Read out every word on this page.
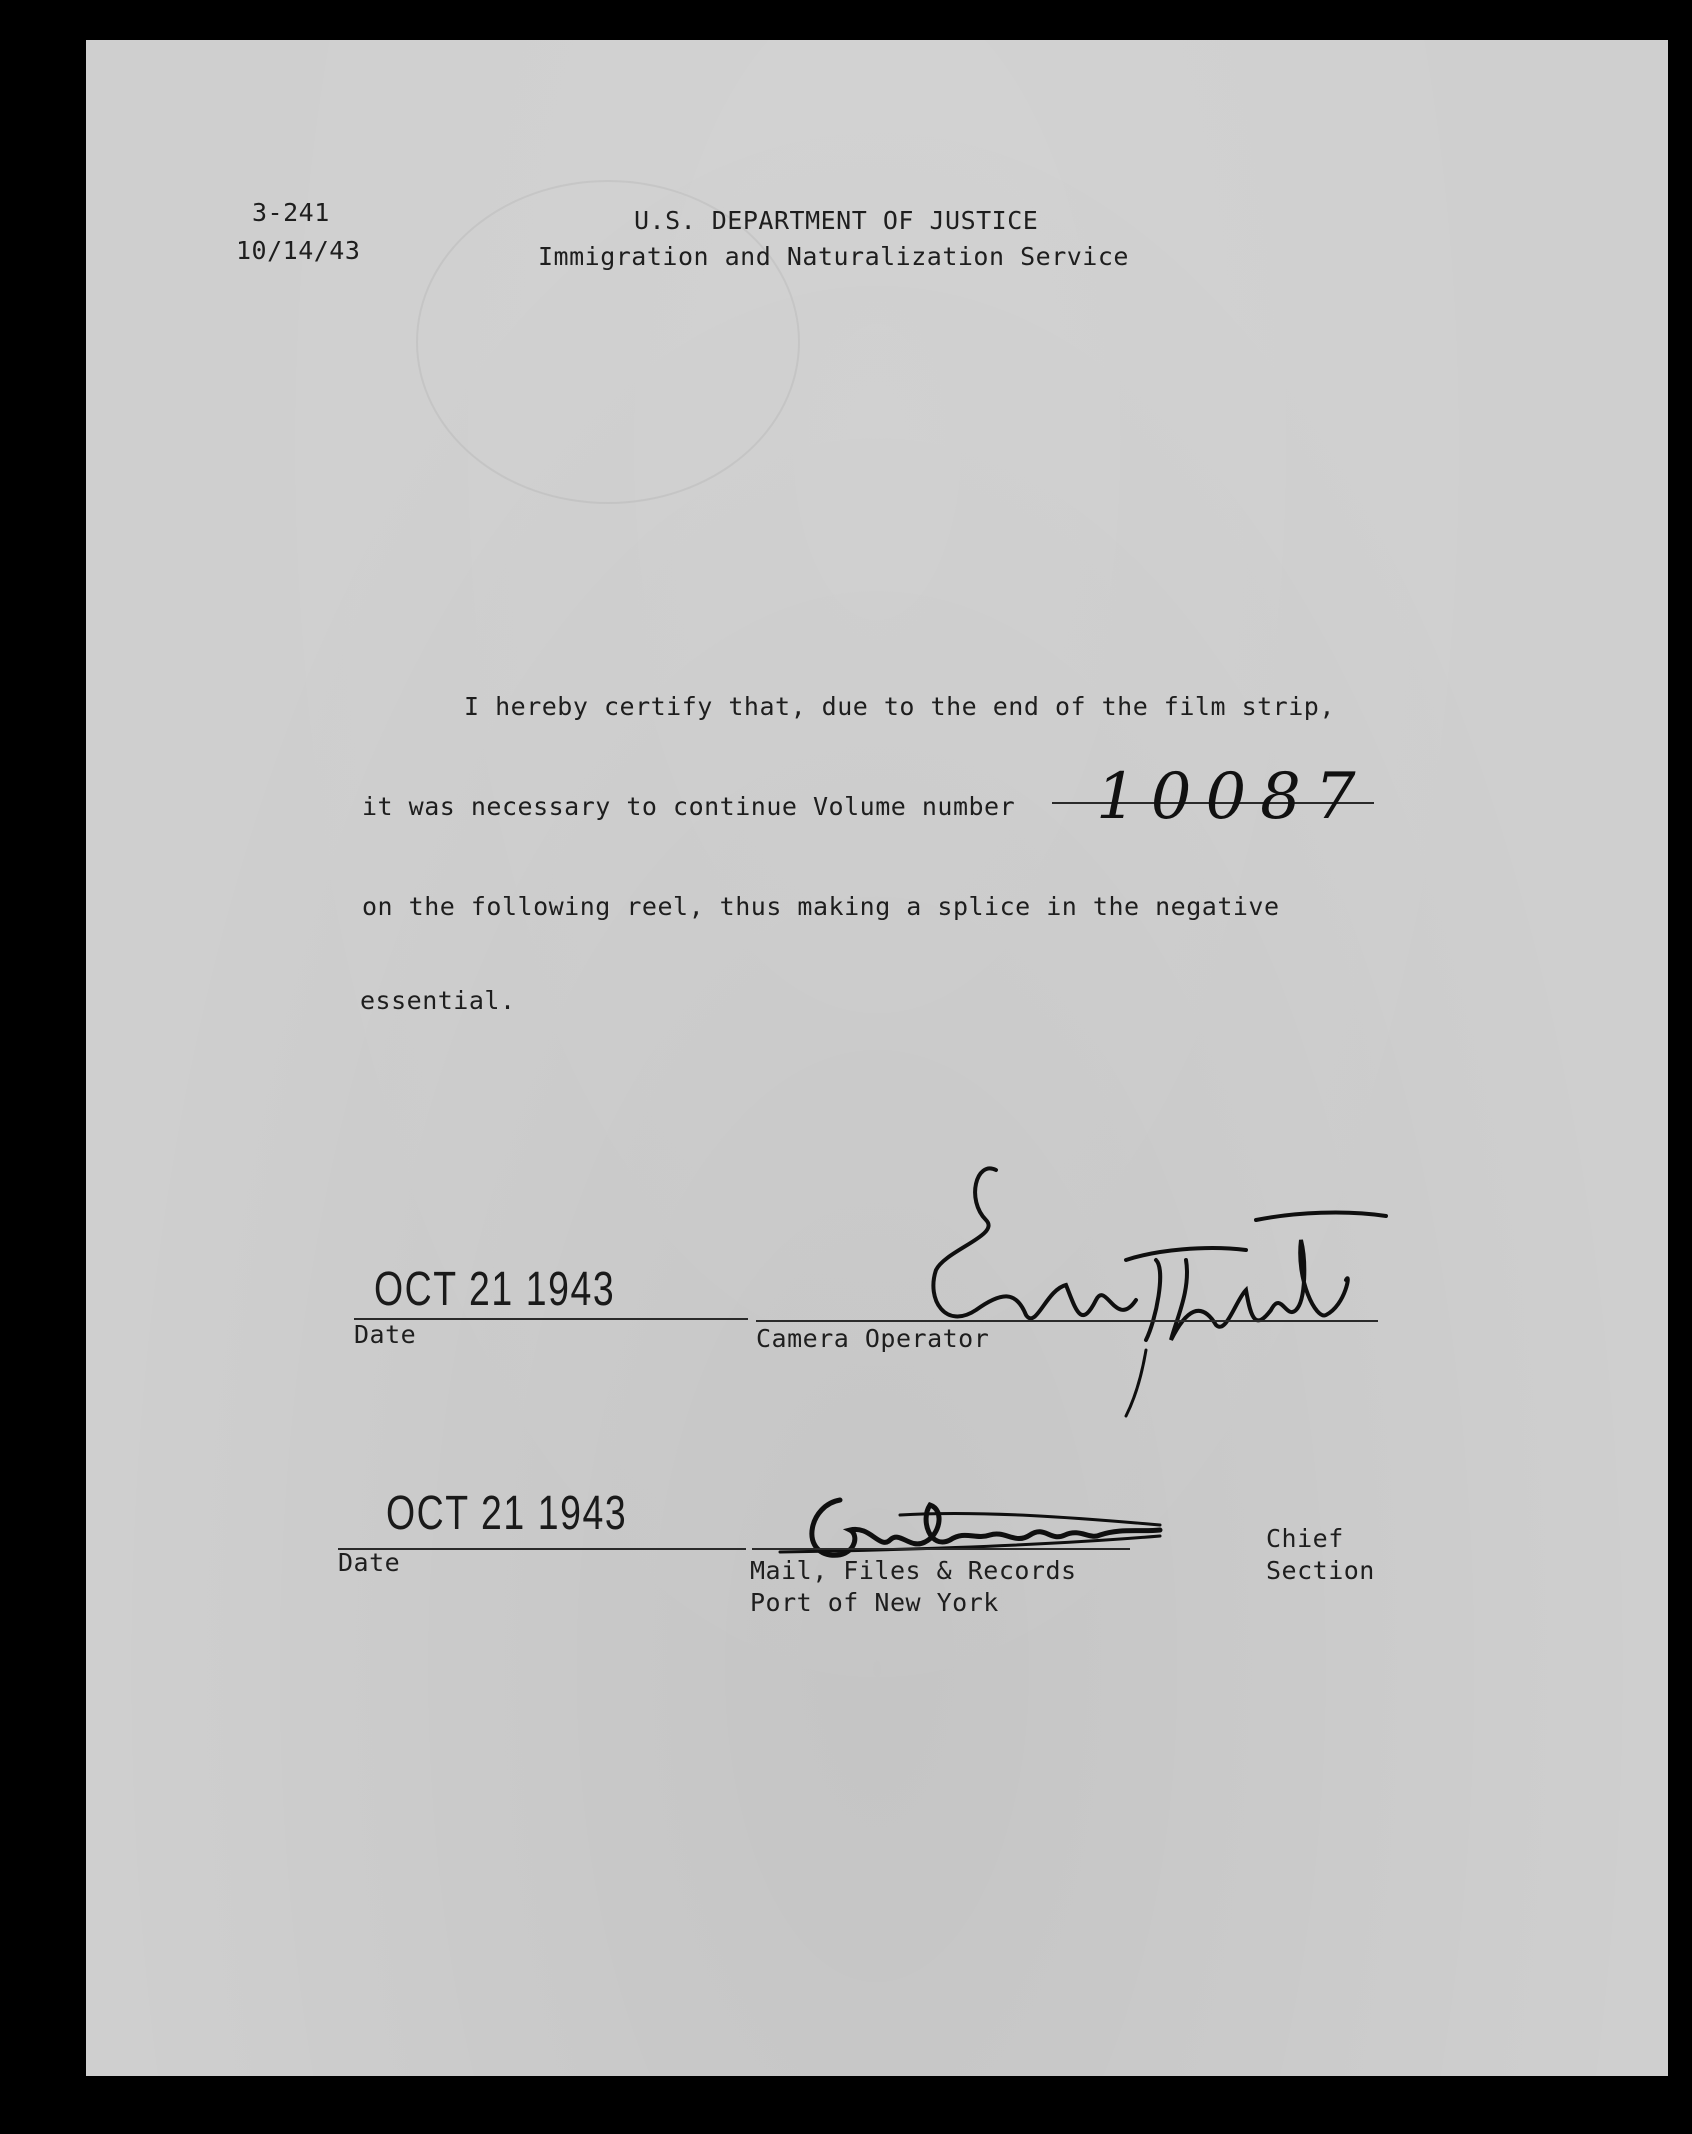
3-241
10/14/43
U.S. DEPARTMENT OF JUSTICE
Immigration and Naturalization Service
I hereby certify that, due to the end of the film strip,
it was necessary to continue Volume number 10087
on the following reel, thus making a splice in the negative
essential.
OCT 21 1943
Date	Camera Operator
OCT 21 1943
Date
Chief
Mail, Files & Records	Section
Port of New York
